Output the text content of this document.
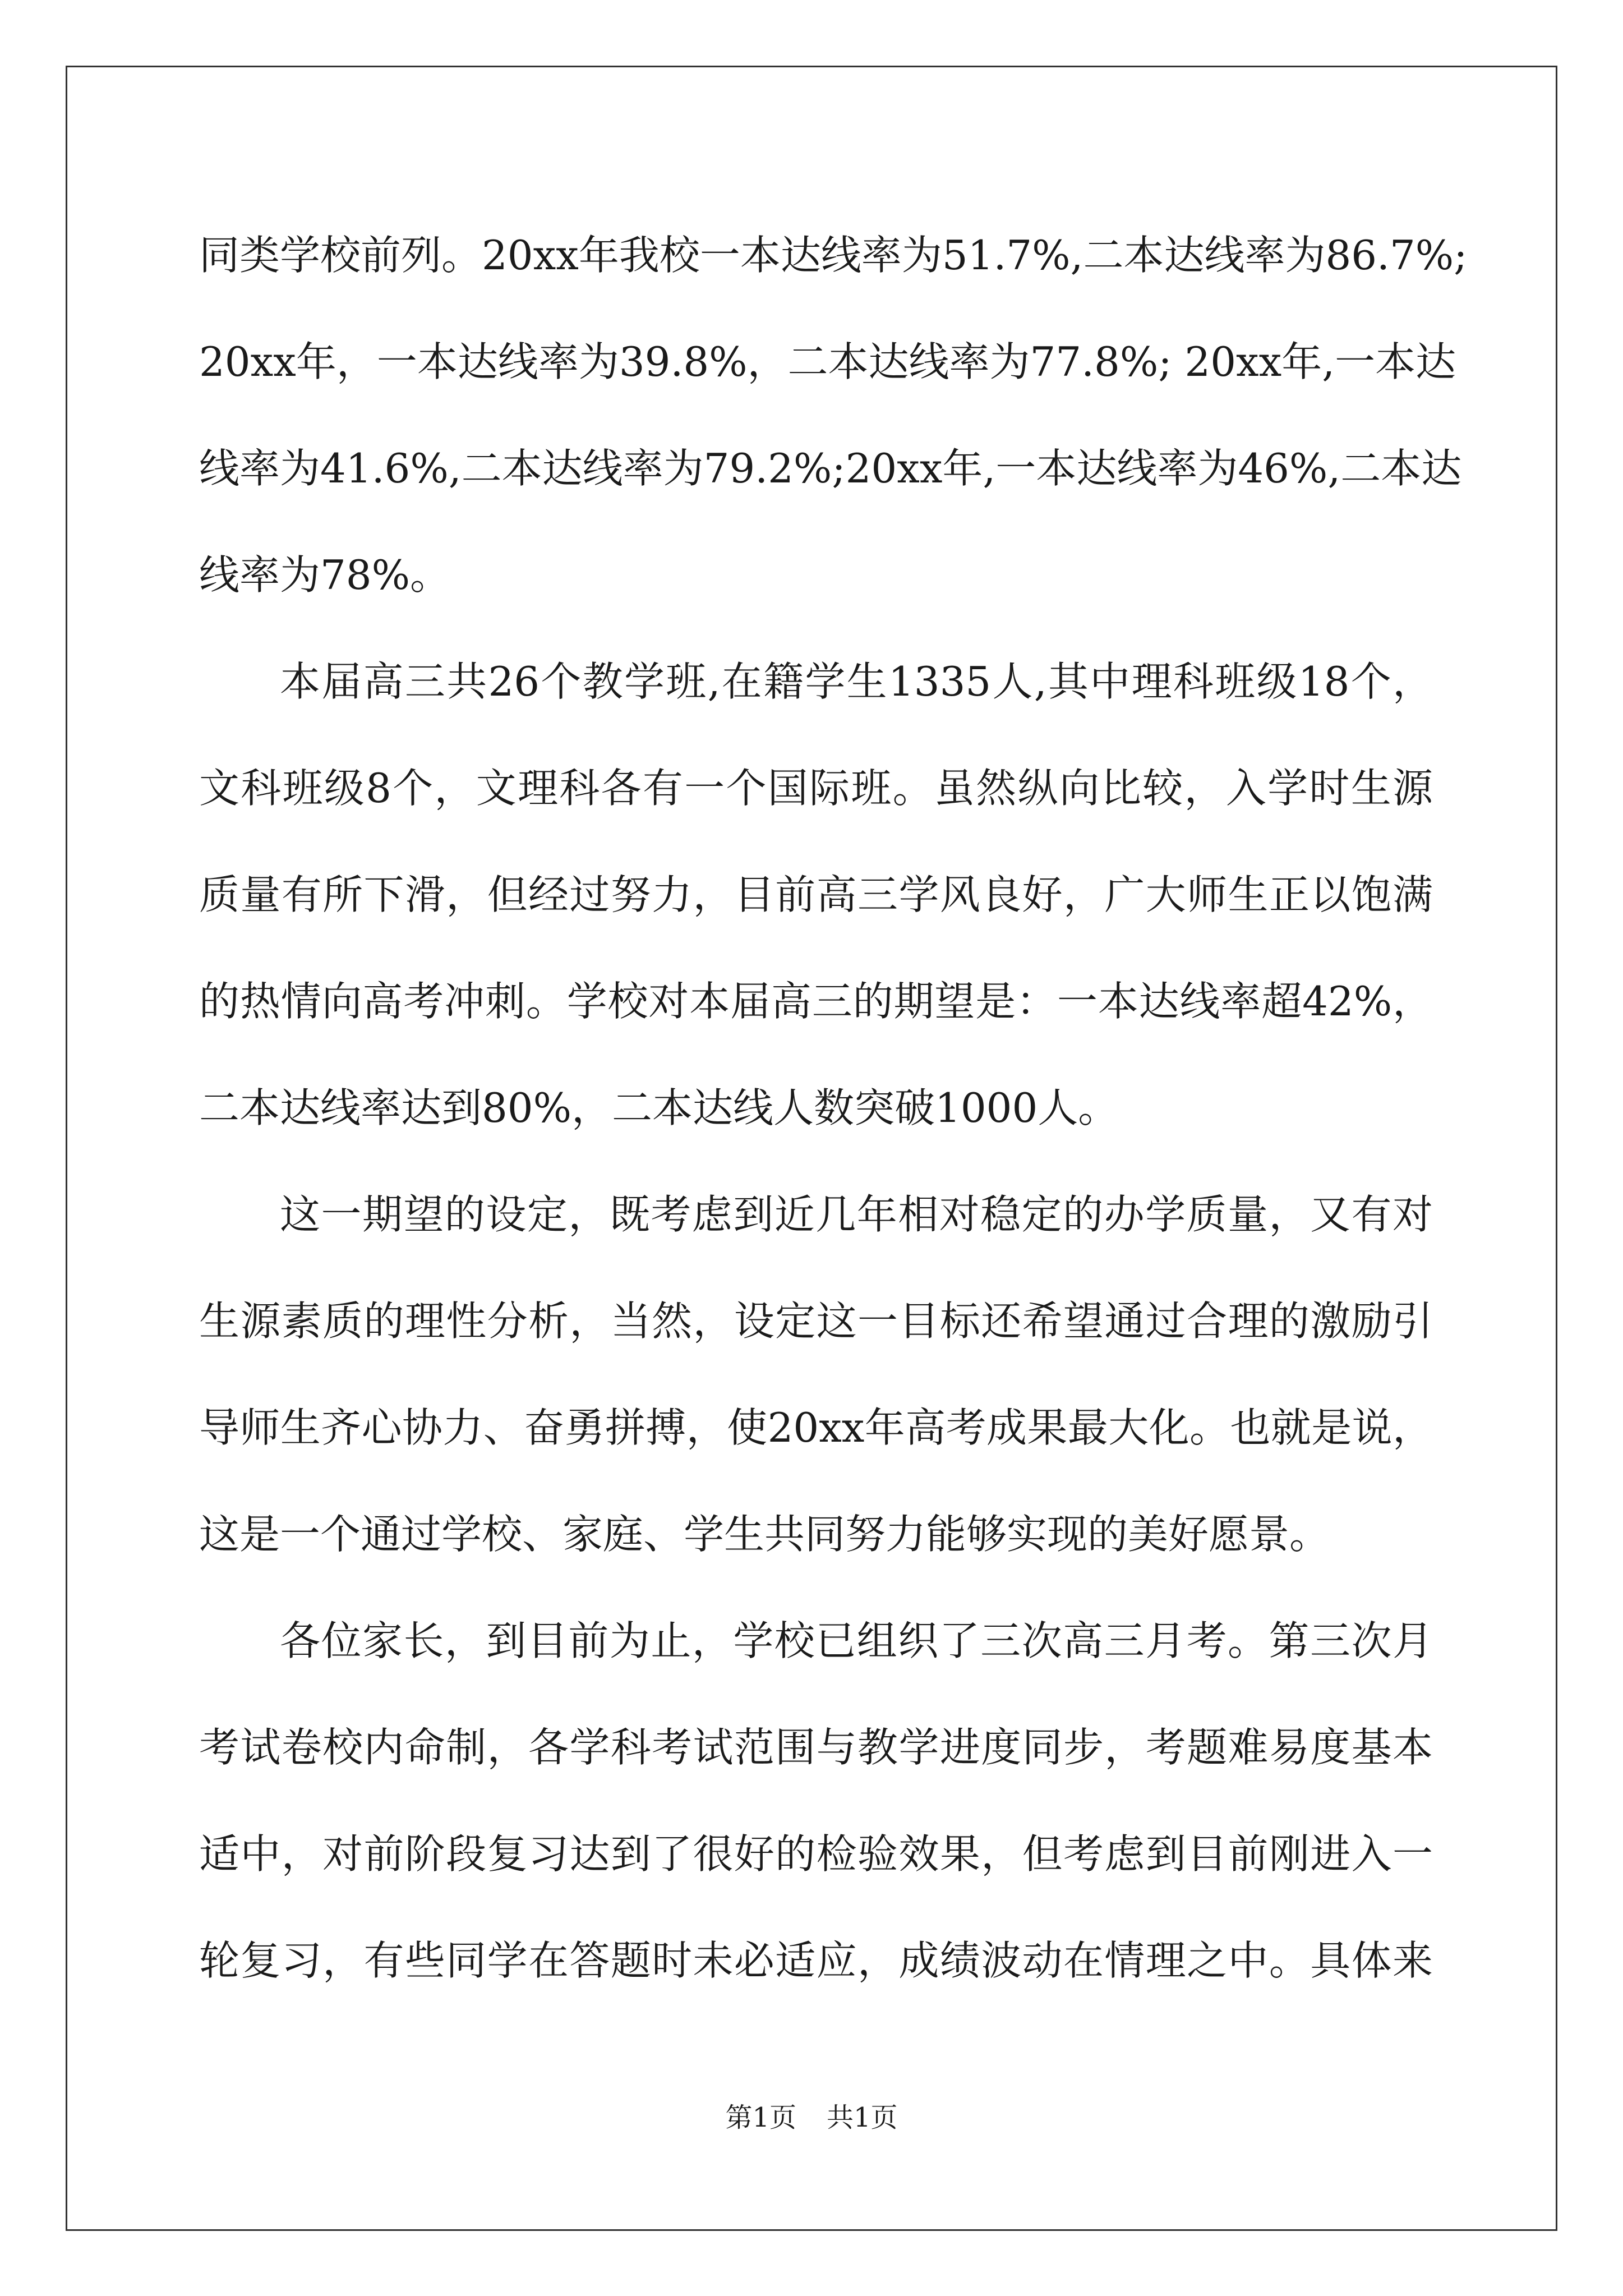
同类学校前列。20xx年我校一本达线率为51.7%,二本达线率为86.7%;
20xx年，一本达线率为39.8%，二本达线率为77.8%; 20xx年,一本达
线率为41.6%,二本达线率为79.2%;20xx年,一本达线率为46%,二本达
线率为78%。
本届高三共26个教学班,在籍学生1335人,其中理科班级18个，
文科班级8个，文理科各有一个国际班。虽然纵向比较，入学时生源
质量有所下滑，但经过努力，目前高三学风良好，广大师生正以饱满
的热情向高考冲刺。学校对本届高三的期望是：一本达线率超42%，
二本达线率达到80%，二本达线人数突破1000人。
这一期望的设定，既考虑到近几年相对稳定的办学质量，又有对
生源素质的理性分析，当然，设定这一目标还希望通过合理的激励引
导师生齐心协力、奋勇拼搏，使20xx年高考成果最大化。也就是说，
这是一个通过学校、家庭、学生共同努力能够实现的美好愿景。
各位家长，到目前为止，学校已组织了三次高三月考。第三次月
考试卷校内命制，各学科考试范围与教学进度同步，考题难易度基本
适中，对前阶段复习达到了很好的检验效果，但考虑到目前刚进入一
轮复习，有些同学在答题时未必适应，成绩波动在情理之中。具体来
第1页 共1页
